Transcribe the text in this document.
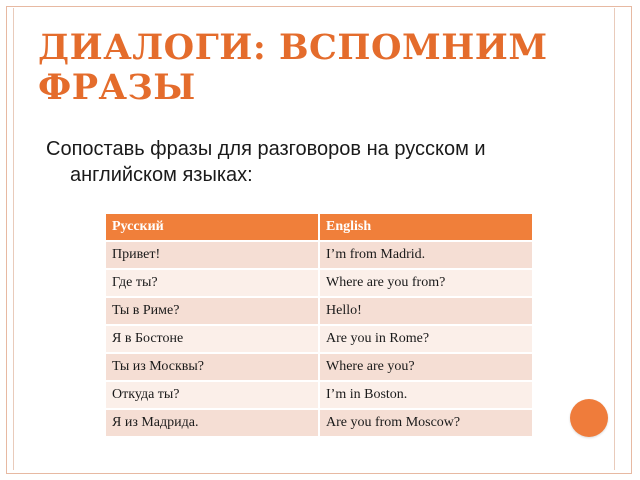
ДИАЛОГИ: ВСПОМНИМ ФРАЗЫ
Сопоставь фразы для разговоров на русском и
английском языках:
Русский	English
Привет!	I’m from Madrid.
Где ты?	Where are you from?
Ты в Риме?	Hello!
Я в Бостоне	Are you in Rome?
Ты из Москвы?	Where are you?
Откуда ты?	I’m in Boston.
Я из Мадрида.	Are you from Moscow?
